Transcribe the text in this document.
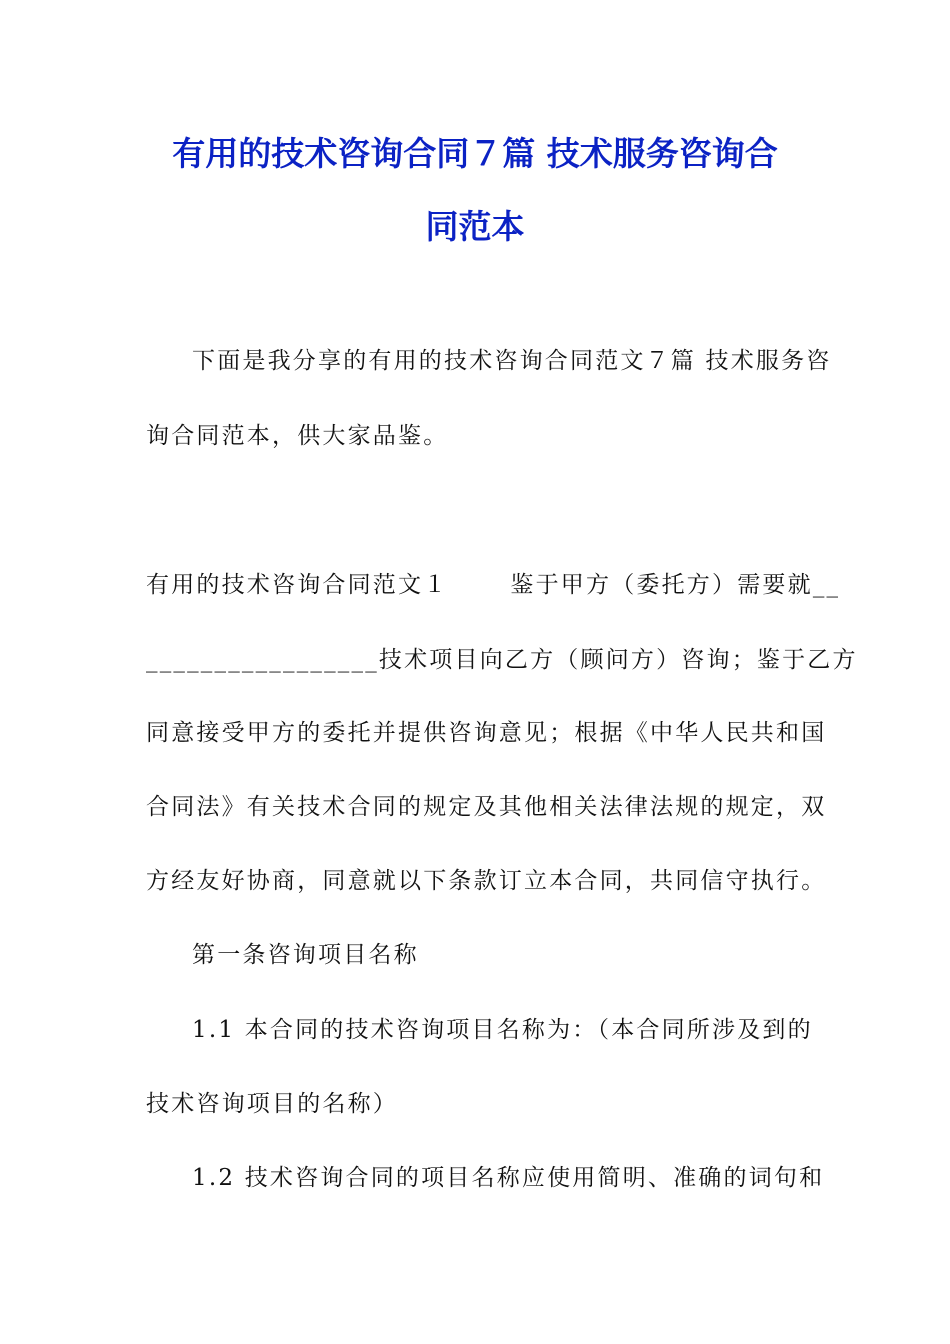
有用的技术咨询合同７篇 技术服务咨询合
同范本
下面是我分享的有用的技术咨询合同范文７篇 技术服务咨
询合同范本，供大家品鉴。
有用的技术咨询合同范文１	鉴于甲方（委托方）需要就__
_________________技术项目向乙方（顾问方）咨询；鉴于乙方
同意接受甲方的委托并提供咨询意见；根据《中华人民共和国
合同法》有关技术合同的规定及其他相关法律法规的规定，双
方经友好协商，同意就以下条款订立本合同，共同信守执行。
第一条咨询项目名称
1.1 本合同的技术咨询项目名称为：（本合同所涉及到的
技术咨询项目的名称）
1.2 技术咨询合同的项目名称应使用简明、准确的词句和
